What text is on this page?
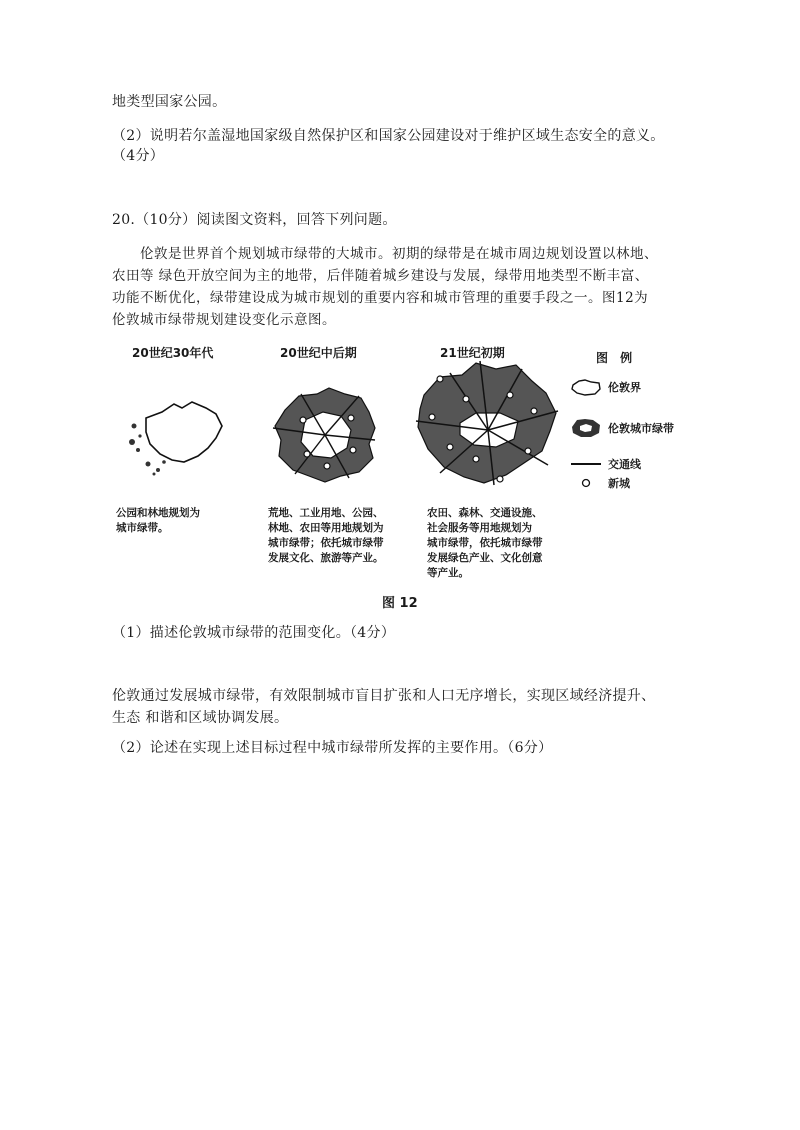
地类型国家公园。
（2）说明若尔盖湿地国家级自然保护区和国家公园建设对于维护区域生态安全的意义。
（4分）
20.（10分）阅读图文资料，回答下列问题。
伦敦是世界首个规划城市绿带的大城市。初期的绿带是在城市周边规划设置以林地、
农田等 绿色开放空间为主的地带，后伴随着城乡建设与发展，绿带用地类型不断丰富、
功能不断优化，绿带建设成为城市规划的重要内容和城市管理的重要手段之一。图12为
伦敦城市绿带规划建设变化示意图。
20世纪30年代	20世纪中后期	21世纪初期
公园和林地规划为
城市绿带。
荒地、工业用地、公园、
林地、农田等用地规划为
城市绿带；依托城市绿带
发展文化、旅游等产业。
农田、森林、交通设施、
社会服务等用地规划为
城市绿带，依托城市绿带
发展绿色产业、文化创意
等产业。
图 例
伦敦界
伦敦城市绿带
交通线
新城
图 12
（1）描述伦敦城市绿带的范围变化。（4分）
伦敦通过发展城市绿带，有效限制城市盲目扩张和人口无序增长，实现区域经济提升、
生态 和谐和区域协调发展。
（2）论述在实现上述目标过程中城市绿带所发挥的主要作用。（6分）
